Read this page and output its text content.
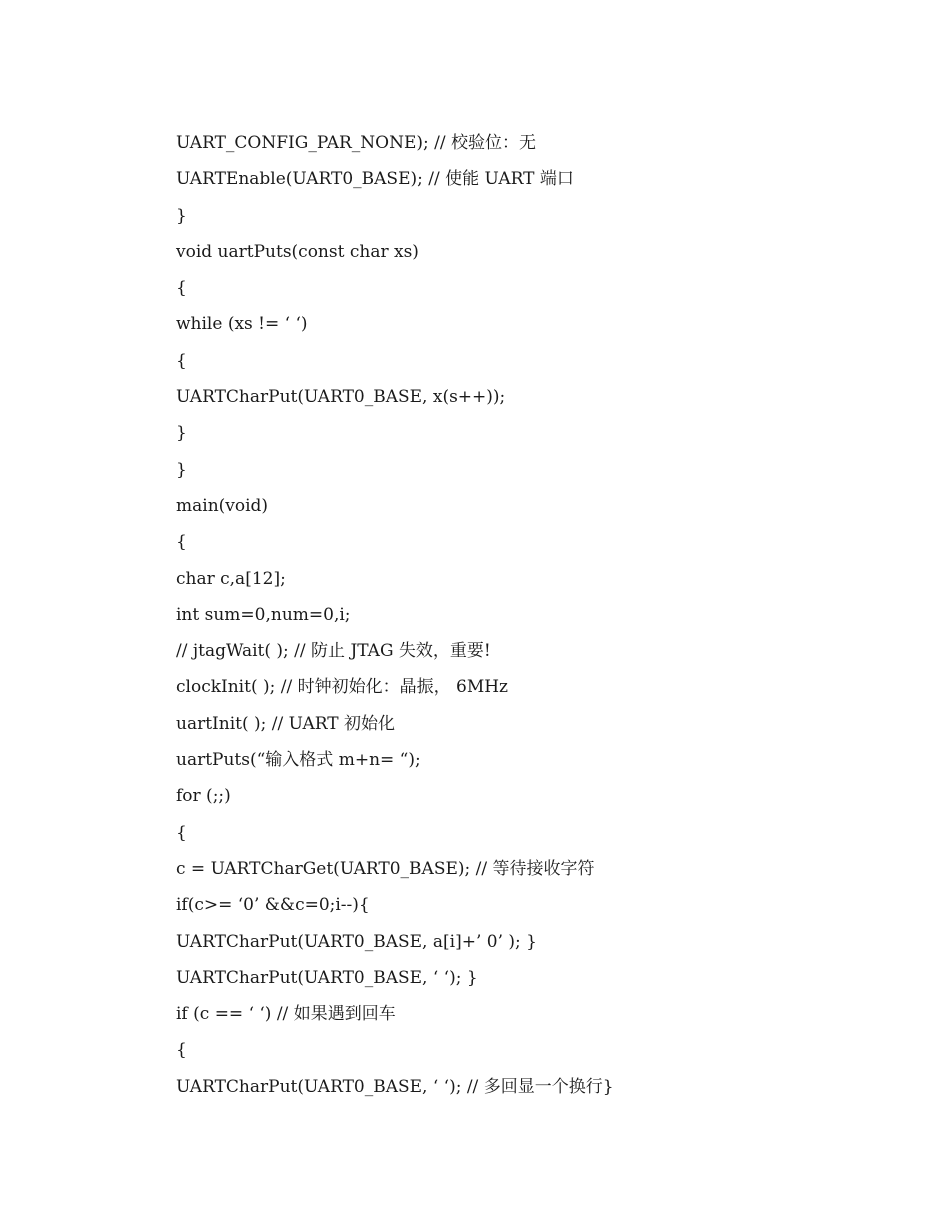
UART_CONFIG_PAR_NONE); // 校验位：无
UARTEnable(UART0_BASE); // 使能 UART 端口
}
void uartPuts(const char xs)
{
while (xs != ‘ ‘)
{
UARTCharPut(UART0_BASE, x(s++));
}
}
main(void)
{
char c,a[12];
int sum=0,num=0,i;
// jtagWait( ); // 防止 JTAG 失效，重要!
clockInit( ); // 时钟初始化：晶振， 6MHz
uartInit( ); // UART 初始化
uartPuts(“输入格式 m+n= “);
for (;;)
{
c = UARTCharGet(UART0_BASE); // 等待接收字符
if(c>= ‘0’ &&c=0;i--){
UARTCharPut(UART0_BASE, a[i]+’ 0’ ); }
UARTCharPut(UART0_BASE, ‘ ‘); }
if (c == ‘ ‘) // 如果遇到回车
{
UARTCharPut(UART0_BASE, ‘ ‘); // 多回显一个换行}
